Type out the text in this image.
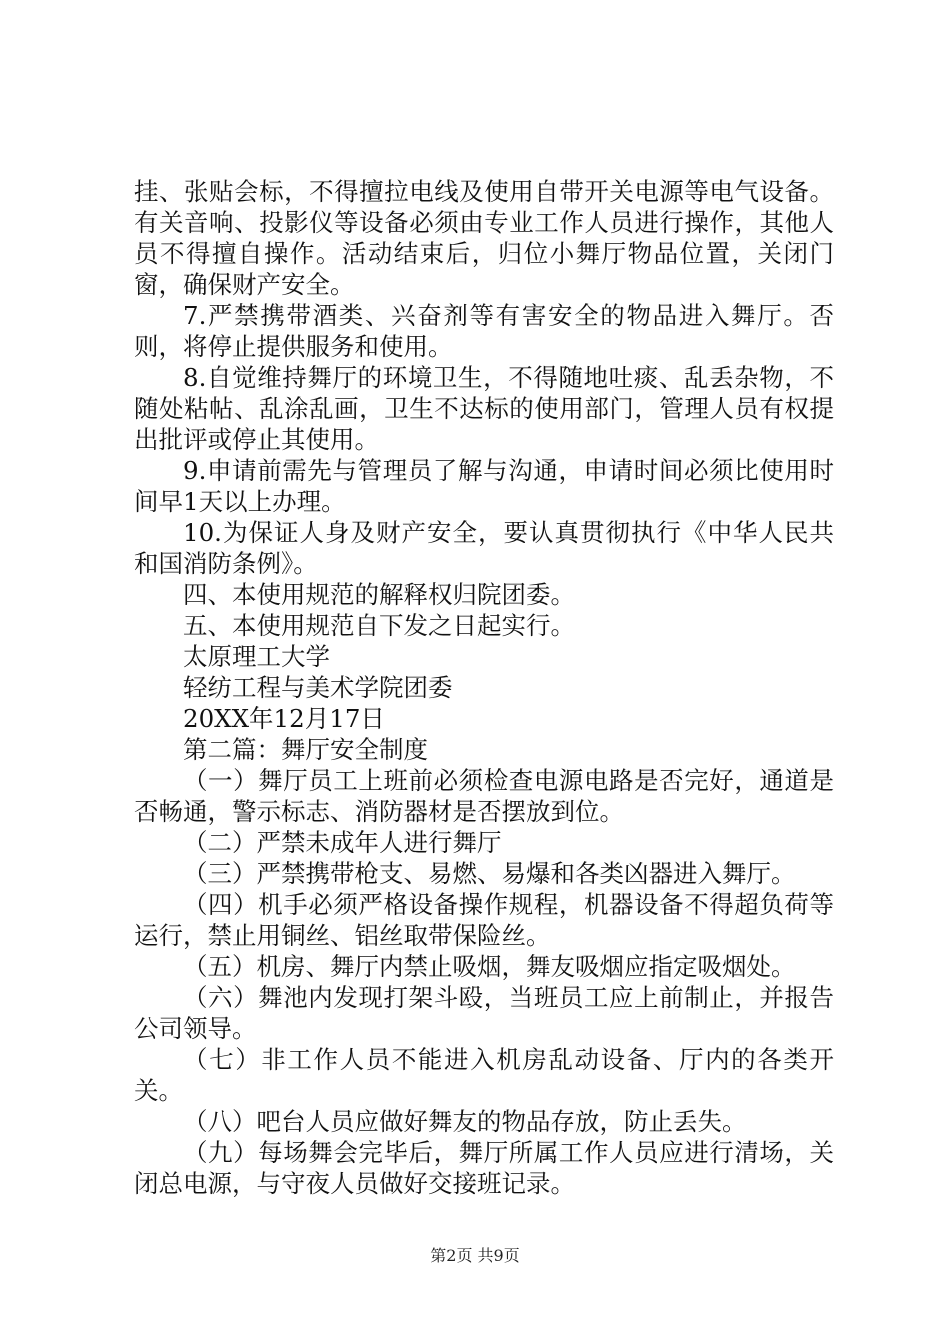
挂、张贴会标，不得擅拉电线及使用自带开关电源等电气设备。有关音响、投影仪等设备必须由专业工作人员进行操作，其他人员不得擅自操作。活动结束后，归位小舞厅物品位置，关闭门窗，确保财产安全。

7.严禁携带酒类、兴奋剂等有害安全的物品进入舞厅。否则，将停止提供服务和使用。

8.自觉维持舞厅的环境卫生，不得随地吐痰、乱丢杂物，不随处粘帖、乱涂乱画，卫生不达标的使用部门，管理人员有权提出批评或停止其使用。

9.申请前需先与管理员了解与沟通，申请时间必须比使用时间早1天以上办理。

10.为保证人身及财产安全，要认真贯彻执行《中华人民共和国消防条例》。

四、本使用规范的解释权归院团委。

五、本使用规范自下发之日起实行。

太原理工大学

轻纺工程与美术学院团委

20XX年12月17日

第二篇：舞厅安全制度

（一）舞厅员工上班前必须检查电源电路是否完好，通道是否畅通，警示标志、消防器材是否摆放到位。

（二）严禁未成年人进行舞厅

（三）严禁携带枪支、易燃、易爆和各类凶器进入舞厅。

（四）机手必须严格设备操作规程，机器设备不得超负荷等运行，禁止用铜丝、铝丝取带保险丝。

（五）机房、舞厅内禁止吸烟，舞友吸烟应指定吸烟处。

（六）舞池内发现打架斗殴，当班员工应上前制止，并报告公司领导。

（七）非工作人员不能进入机房乱动设备、厅内的各类开关。

（八）吧台人员应做好舞友的物品存放，防止丢失。

（九）每场舞会完毕后，舞厅所属工作人员应进行清场，关闭总电源，与守夜人员做好交接班记录。

第2页 共9页
